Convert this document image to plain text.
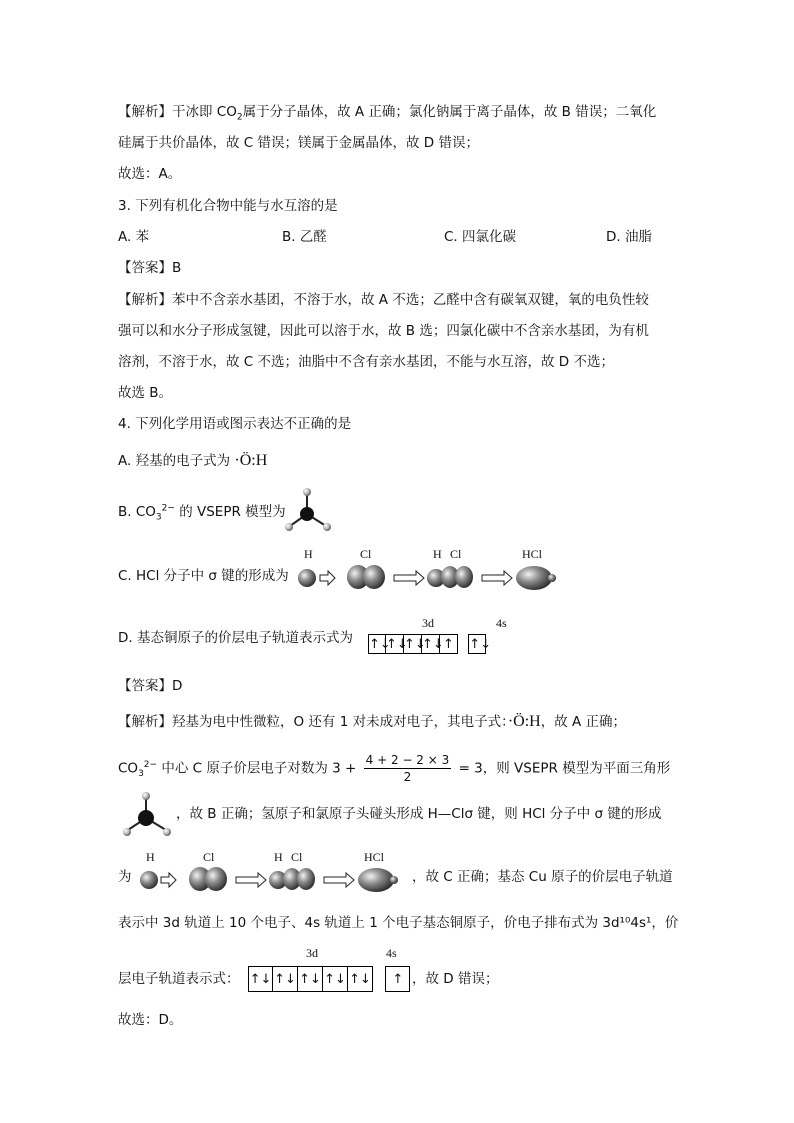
【解析】干冰即 $CO_2$属于分子晶体，故 A 正确；氯化钠属于离子晶体，故 B 错误；二氧化
硅属于共价晶体，故 C 错误；镁属于金属晶体，故 D 错误；
故选：A。
3. 下列有机化合物中能与水互溶的是
A. 苯	B. 乙醛	C. 四氯化碳	D. 油脂
【答案】B
【解析】苯中不含亲水基团，不溶于水，故 A 不选；乙醛中含有碳氧双键，氧的电负性较
强可以和水分子形成氢键，因此可以溶于水，故 B 选；四氯化碳中不含亲水基团，为有机
溶剂，不溶于水，故 C 不选；油脂中不含有亲水基团，不能与水互溶，故 D 不选；
故选 B。
4. 下列化学用语或图示表达不正确的是
A. 羟基的电子式为 ·Ö:H
B. $CO_3^{2-}$ 的 VSEPR 模型为
C. HCl 分子中 σ 键的形成为
H	Cl	H Cl	HCl
D. 基态铜原子的价层电子轨道表示式为
3d	4s
↑↓
↑↓
↑↓
↑↓ ↑
	↑↓
【答案】D
【解析】羟基为电中性微粒，O 还有 1 对未成对电子，其电子式：·Ö:H，故 A 正确；
$CO_3^{2-}$ 中心 C 原子价层电子对数为 $3 + \frac{4 + 2 - 2 \times 3}{2} = 3$，则 VSEPR 模型为平面三角形
，故 B 正确；氢原子和氯原子头碰头形成 H—Clσ 键，则 HCl 分子中 σ 键的形成
为
H	Cl	H Cl	HCl
，故 C 正确；基态 Cu 原子的价层电子轨道
表示中 3d 轨道上 10 个电子、4s 轨道上 1 个电子基态铜原子，价电子排布式为 3d¹⁰4s¹，价
层电子轨道表示式：
3d	4s
↑↓ ↑↓ ↑↓ ↑↓ ↑↓
	↑ ，故 D 错误；
故选：D。
